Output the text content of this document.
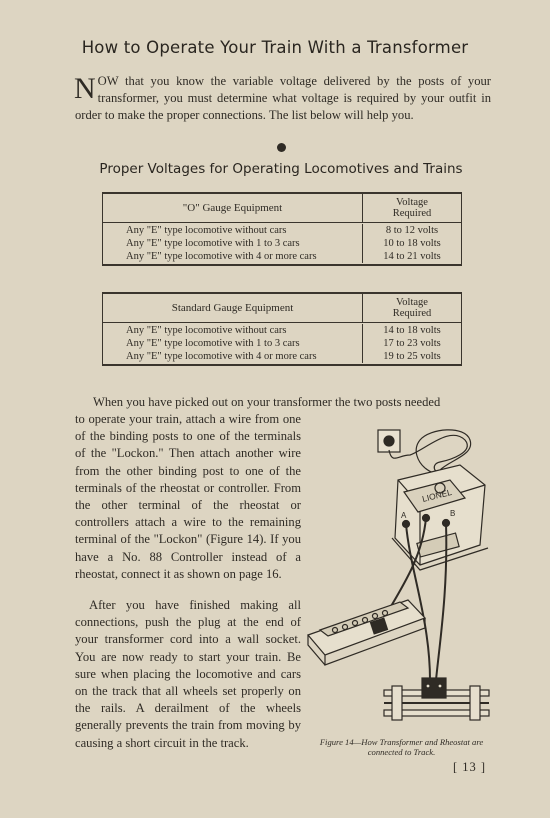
How to Operate Your Train With a Transformer
N OW that you know the variable voltage delivered by the posts of your transformer, you must determine what voltage is required by your outfit in order to make the proper connections. The list below will help you.

Proper Voltages for Operating Locomotives and Trains
"O" Gauge Equipment	Voltage
Required
Any "E" type locomotive without cars	8 to 12 volts
Any "E" type locomotive with 1 to 3 cars	10 to 18 volts
Any "E" type locomotive with 4 or more cars	14 to 21 volts
Standard Gauge Equipment	Voltage
Required
Any "E" type locomotive without cars	14 to 18 volts
Any "E" type locomotive with 1 to 3 cars	17 to 23 volts
Any "E" type locomotive with 4 or more cars	19 to 25 volts

When you have picked out on your transformer the two posts needed

to operate your train, attach a wire from one of the binding posts to one of the terminals of the "Lockon." Then attach another wire from the other binding post to one of the terminals of the rheostat or controller. From the other terminal of the rheostat or controllers attach a wire to the remaining terminal of the "Lockon" (Figure 14). If you have a No. 88 Controller instead of a rheostat, connect it as shown on page 16.

After you have finished making all connections, push the plug at the end of your transformer cord into a wall socket. You are now ready to start your train. Be sure when placing the locomotive and cars on the track that all wheels set properly on the rails. A derailment of the wheels generally prevents the train from moving by causing a short circuit in the track.

LIONEL
A	B
Figure 14—How Transformer and Rheostat are connected to Track.
[ 13 ]
